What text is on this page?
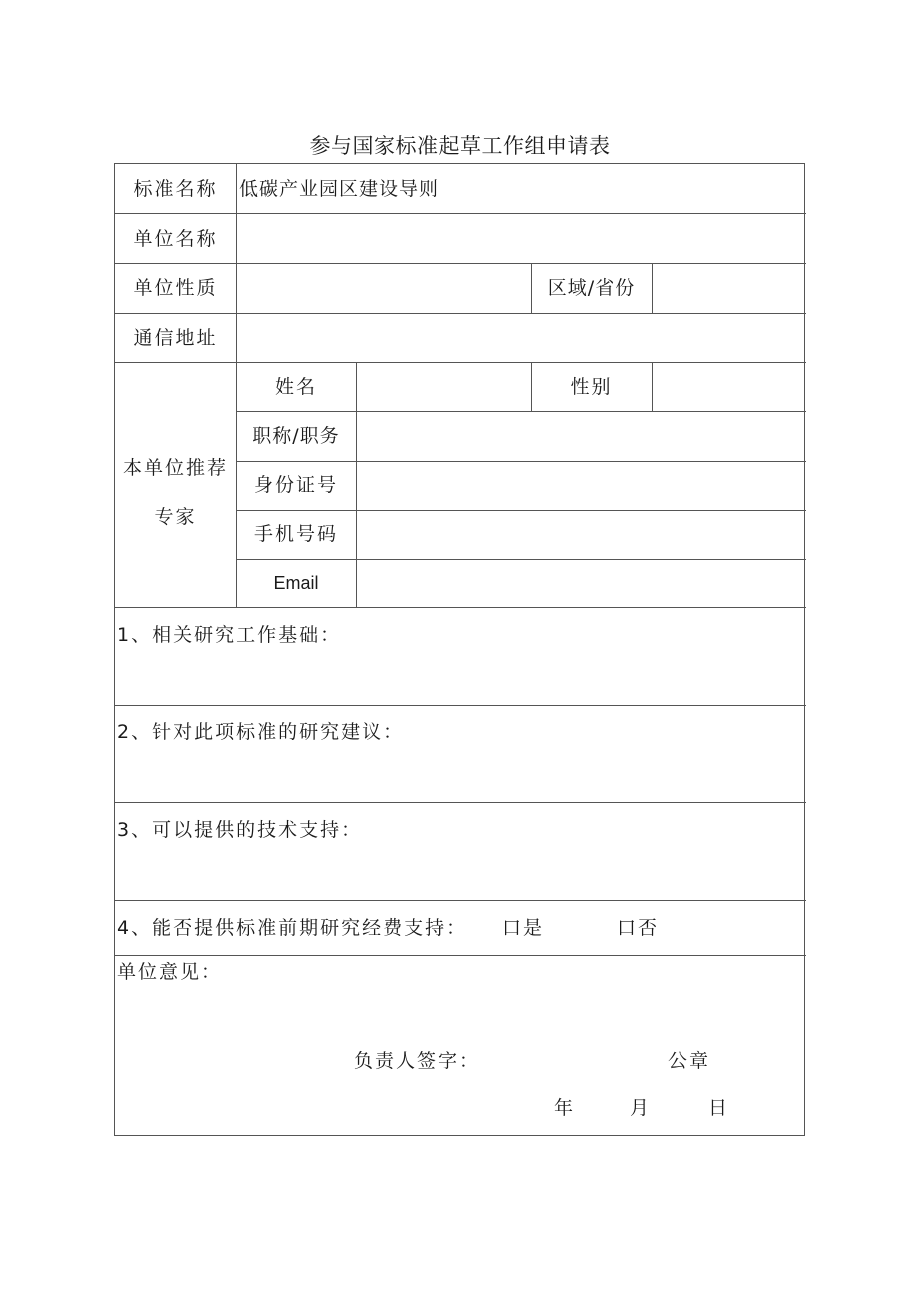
参与国家标准起草工作组申请表
标准名称	低碳产业园区建设导则
单位名称
单位性质	区域/省份
通信地址
本单位推荐
专家
姓名	性别
职称/职务
身份证号
手机号码
Email
1、相关研究工作基础：
2、针对此项标准的研究建议：
3、可以提供的技术支持：
4、能否提供标准前期研究经费支持： 口是	口否
单位意见：
负责人签字：	公章
年	月	日
